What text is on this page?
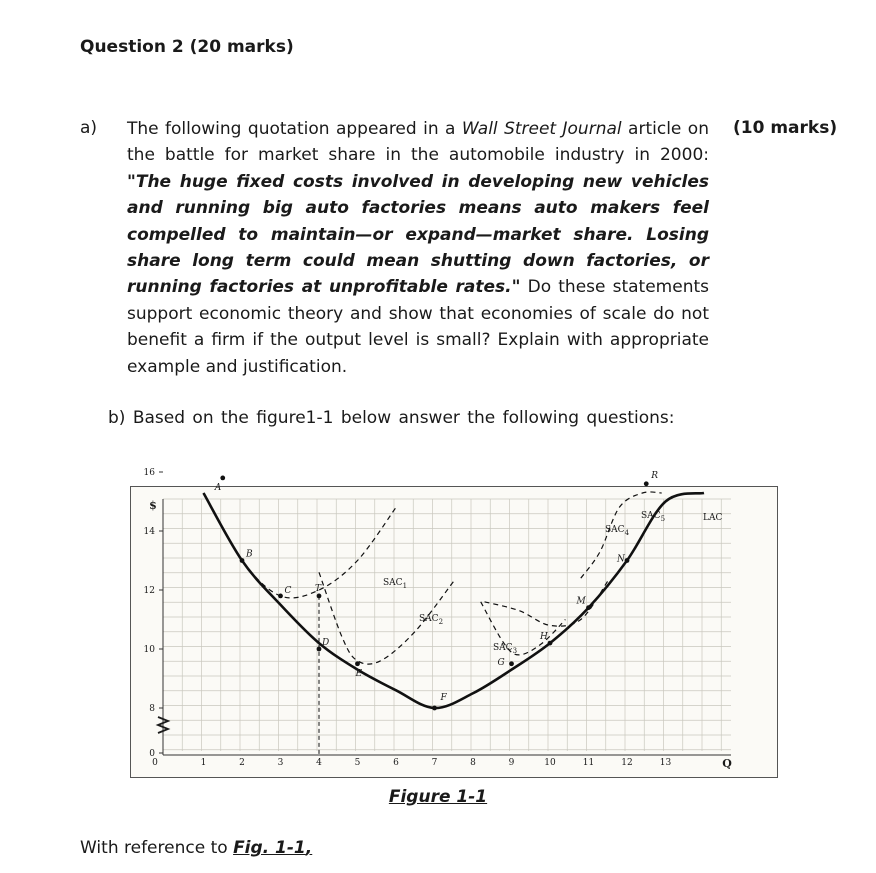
Question 2 (20 marks)
a)	(10 marks)

The following quotation appeared in a Wall Street Journal article on the battle for market share in the automobile industry in 2000: "The huge fixed costs involved in developing new vehicles and running big auto factories means auto makers feel compelled to maintain—or expand—market share. Losing share long term could mean shutting down factories, or running factories at unprofitable rates." Do these statements support economic theory and show that economies of scale do not benefit a firm if the output level is small? Explain with appropriate example and justification.

b) Based on the figure1-1 below answer the following questions:
0
8
10
12
14
16
1	2	3	4	5	6	7	8	9	10	11	12	13
0
$
Q
A
B
C	T
D
E
F
G
H
M
N
R
$SAC_1$
$SAC_2$
$SAC_3$
$SAC_4$
$SAC_5$	LAC
Figure 1-1
With reference to Fig. 1-1,
